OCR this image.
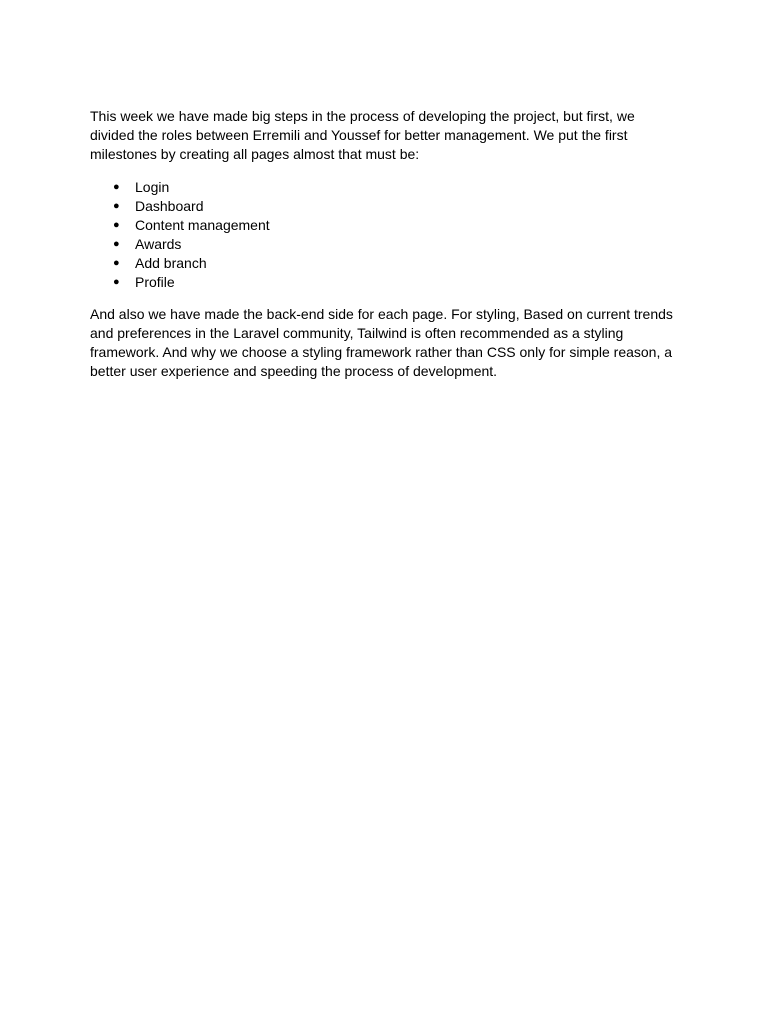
This week we have made big steps in the process of developing the project, but first, we divided the roles between Erremili and Youssef for better management. We put the first milestones by creating all pages almost that must be:

● Login
● Dashboard
● Content management
● Awards
● Add branch
● Profile

And also we have made the back-end side for each page. For styling, Based on current trends and preferences in the Laravel community, Tailwind is often recommended as a styling framework. And why we choose a styling framework rather than CSS only for simple reason, a better user experience and speeding the process of development.
